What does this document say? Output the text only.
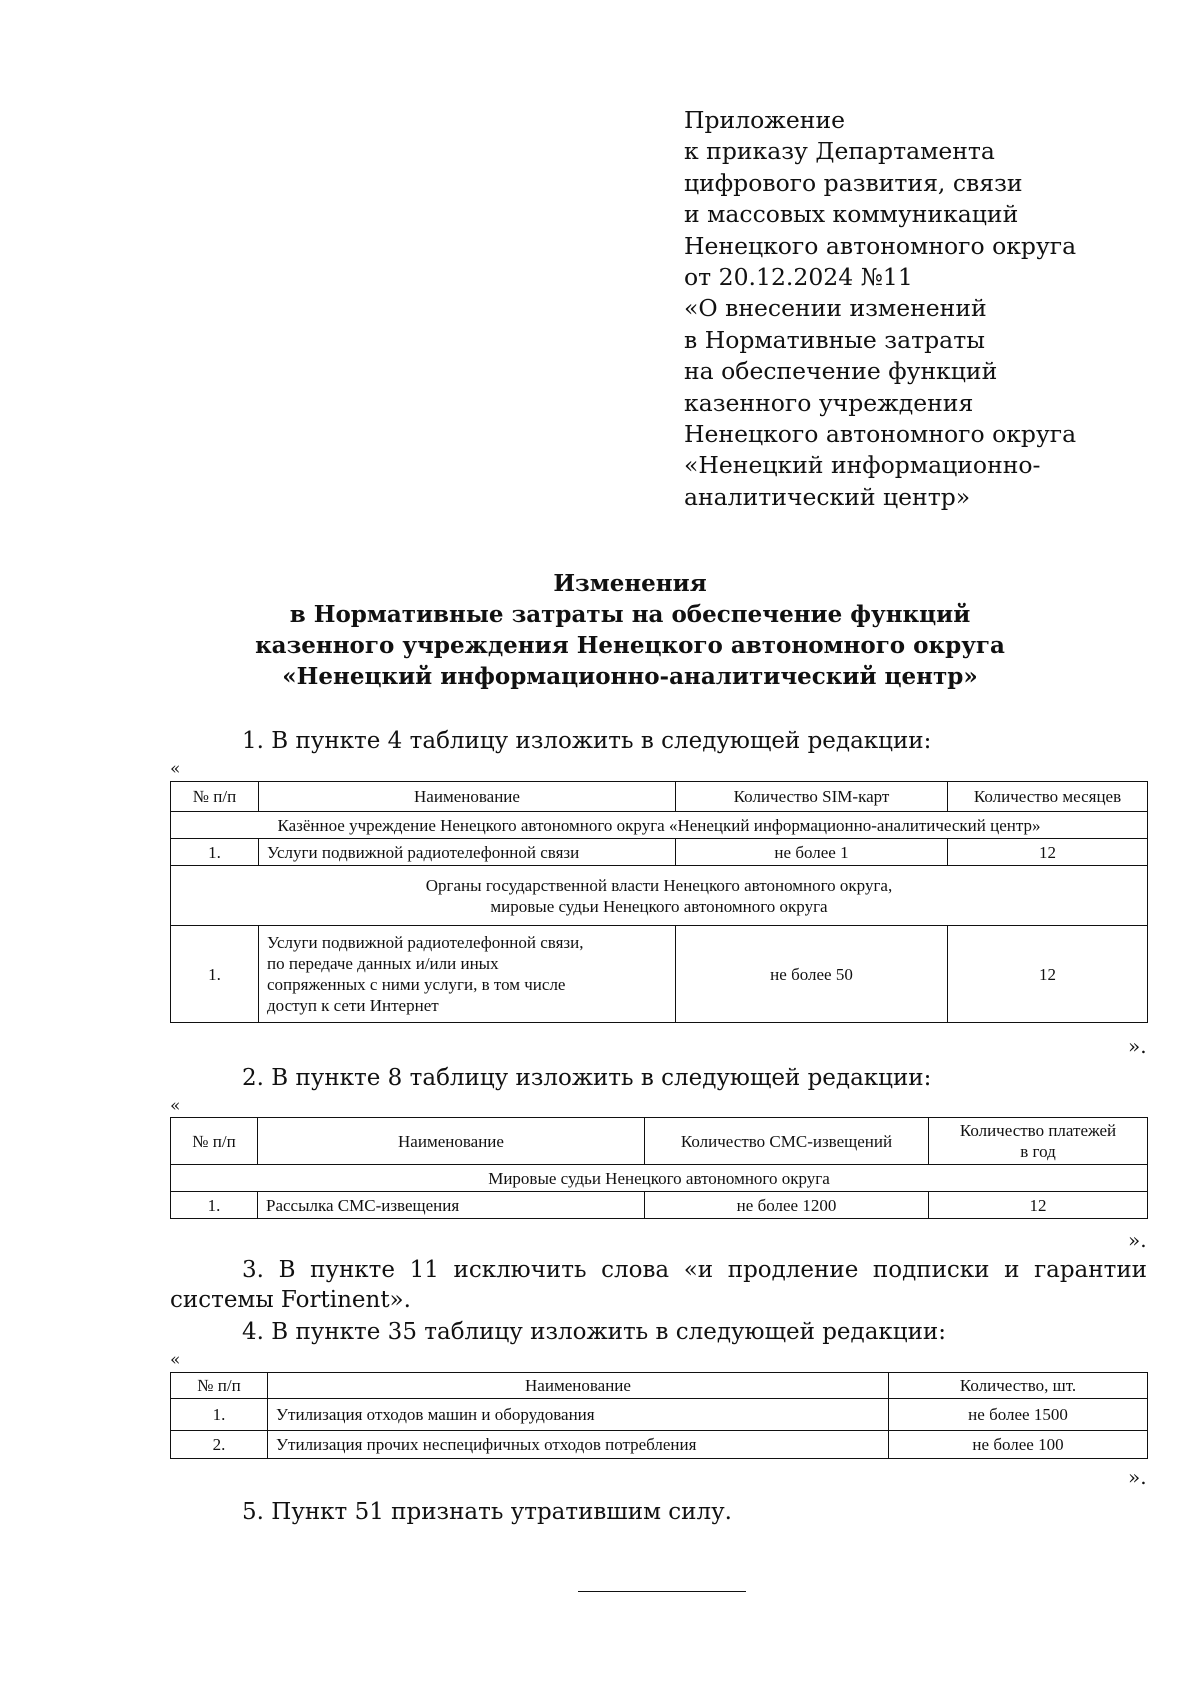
Приложение
к приказу Департамента
цифрового развития, связи
и массовых коммуникаций
Ненецкого автономного округа
от 20.12.2024 №11
«О внесении изменений
в Нормативные затраты
на обеспечение функций
казенного учреждения
Ненецкого автономного округа
«Ненецкий информационно-
аналитический центр»
Изменения
в Нормативные затраты на обеспечение функций
казенного учреждения Ненецкого автономного округа
«Ненецкий информационно-аналитический центр»
1. В пункте 4 таблицу изложить в следующей редакции:
«
№ п/п	Наименование	Количество SIM-карт	Количество месяцев
Казённое учреждение Ненецкого автономного округа «Ненецкий информационно-аналитический центр»			
1.	Услуги подвижной радиотелефонной связи	не более 1	12

Органы государственной власти Ненецкого автономного округа,
мировые судьи Ненецкого автономного округа			

1.	Услуги подвижной радиотелефонной связи,
по передаче данных и/или иных
сопряженных с ними услуги, в том числе
доступ к сети Интернет	не более 50	12
».
2. В пункте 8 таблицу изложить в следующей редакции:
«
№ п/п	Наименование	Количество СМС-извещений	Количество платежей
в год

Мировые судьи Ненецкого автономного округа			
1.	Рассылка СМС-извещения	не более 1200	12
».
3. В пункте 11 исключить слова «и продление подписки и гарантии системы Fortinent».
4. В пункте 35 таблицу изложить в следующей редакции:
«
№ п/п	Наименование	Количество, шт.
1.	Утилизация отходов машин и оборудования	не более 1500
2.	Утилизация прочих неспецифичных отходов потребления	не более 100
».
5. Пункт 51 признать утратившим силу.
